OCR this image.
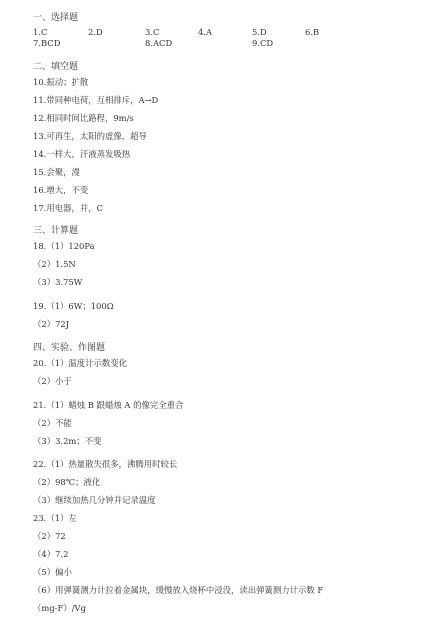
一、选择题
1.C	2.D	3.C	4.A	5.D	6.B
7.BCD	8.ACD	9.CD
二、填空题
10.振动；扩散
11.带同种电荷，互相排斥，A→D
12.相同时间比路程，9m/s
13.可再生，太阳的虚像，超导
14.一样大，汗液蒸发吸热
15.会聚，漫
16.增大，不变
17.用电器，并，C
三、计算题
18.（1）120Pa
（2）1.5N
（3）3.75W
19.（1）6W；100Ω
（2）72J
四、实验、作图题
20.（1）温度计示数变化
（2）小于
21.（1）蜡烛 B 跟蜡烛 A 的像完全重合
（2）不能
（3）3.2m；不变
22.（1）热量散失很多，沸腾用时较长
（2）98℃；液化
（3）继续加热几分钟并记录温度
23.（1）左
（2）72
（4）7.2
（5）偏小
（6）用弹簧测力计拉着金属块，缓慢放入烧杯中浸没，读出弹簧测力计示数 F
（mg-F）/Vg
